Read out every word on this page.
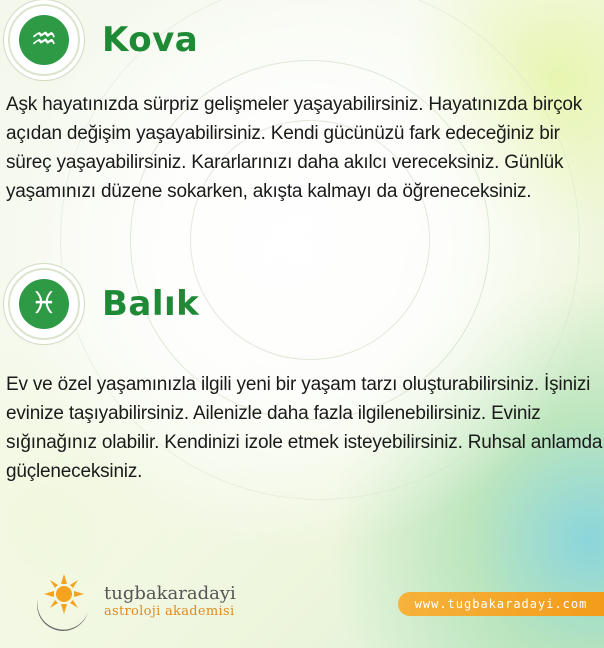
♒	Kova
Aşk hayatınızda sürpriz gelişmeler yaşayabilirsiniz. Hayatınızda birçok açıdan değişim yaşayabilirsiniz. Kendi gücünüzü fark edeceğiniz bir süreç yaşayabilirsiniz. Kararlarınızı daha akılcı vereceksiniz. Günlük yaşamınızı düzene sokarken, akışta kalmayı da öğreneceksiniz.
♓	Balık
Ev ve özel yaşamınızla ilgili yeni bir yaşam tarzı oluşturabilirsiniz. İşinizi evinize taşıyabilirsiniz. Ailenizle daha fazla ilgilenebilirsiniz. Eviniz sığınağınız olabilir. Kendinizi izole etmek isteyebilirsiniz. Ruhsal anlamda güçleneceksiniz.
tugbakaradayi
astroloji akademisi	www.tugbakaradayi.com
